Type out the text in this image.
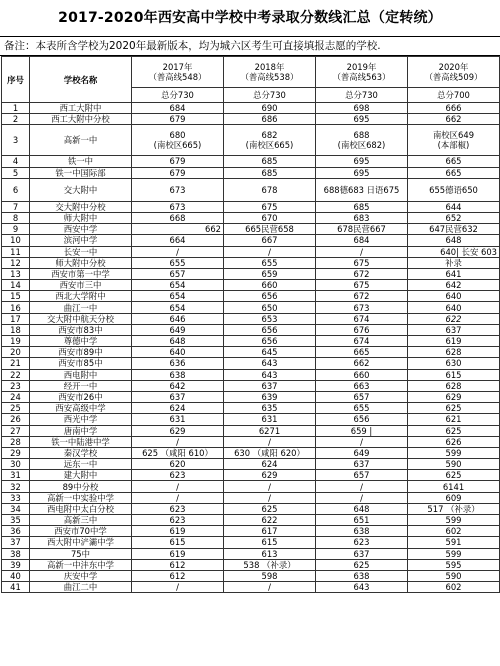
2017-2020年西安高中学校中考录取分数线汇总（定转统）
备注：本表所含学校为2020年最新版本，均为城六区考生可直接填报志愿的学校.
序号	学校名称	2017年
（普高线548）	2018年
（普高线538）	2019年
（普高线563）	2020年
（普高线509）
		总分730	总分730	总分730	总分700
1	西工大附中	684	690	698	666
2	西工大附中分校	679	686	695	662
3	高新一中	680
(南校区665)	682
(南校区665)	688
(南校区682)	南校区649
(本部椒)
4	铁一中	679	685	695	665
5	铁一中国际部	679	685	695	665
6	交大附中	673	678	688德683 日语675	655德语650
7	交大附中分校	673	675	685	644
8	师大附中	668	670	683	652
9	西安中学	662	665民营658	678民营667	647民营632
10	滨河中学	664	667	684	648
11	长安一中	/	/	/	640| 长安 603
12	师大附中分校	655	655	675	补录
13	西安市第一中学	657	659	672	641
14	西安市三中	654	660	675	642
15	西北大学附中	654	656	672	640
16	曲江一中	654	650	673	640
17	交大附中航天分校	646	653	674	622
18	西安市83中	649	656	676	637
19	尊德中学	648	656	674	619
20	西安市89中	640	645	665	628
21	西安市85中	636	643	662	630
22	西电附中	638	643	660	615
23	经开一中	642	637	663	628
24	西安市26中	637	639	657	629
25	西安高级中学	624	635	655	625
26	西光中学	631	631	656	621
27	唐南中学	629	6271	659 |	625
28	铁一中陆港中学	/	/	/	626
29	秦汉学校	625 （咸阳 610）	630 （咸阳 620）	649	599
30	远东一中	620	624	637	590
31	建大附中	623	629	657	625
32	89中分校	/	/	/	6141
33	高新一中实验中学	/	/	/	609
34	西电附中太白分校	623	625	648	517 （补录）
35	高新三中	623	622	651	599
36	西安市70中学	619	617	638	602
37	西大附中浐灞中学	615	615	623	591
38	75中	619	613	637	599
39	高新一中沣东中学	612	538 （补录）	625	595
40	庆安中学	612	598	638	590
41	曲江二中	/	/	643	602
